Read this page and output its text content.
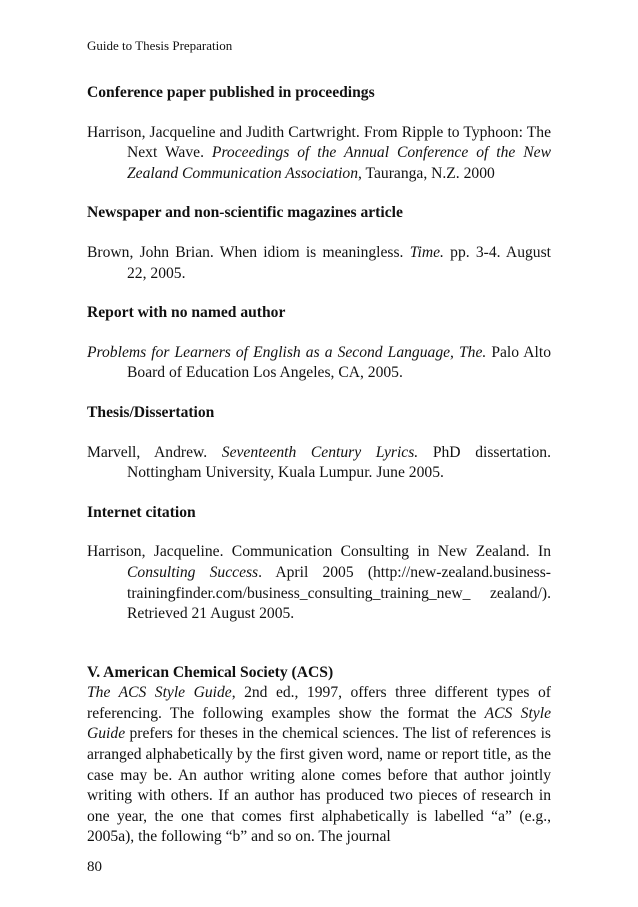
Guide to Thesis Preparation
Conference paper published in proceedings

Harrison, Jacqueline and Judith Cartwright. From Ripple to Typhoon: The Next Wave. Proceedings of the Annual Conference of the New Zealand Communication Association, Tauranga, N.Z. 2000

Newspaper and non-scientific magazines article

Brown, John Brian. When idiom is meaningless. Time. pp. 3-4. August 22, 2005.

Report with no named author

Problems for Learners of English as a Second Language, The. Palo Alto Board of Education Los Angeles, CA, 2005.

Thesis/Dissertation

Marvell, Andrew. Seventeenth Century Lyrics. PhD dissertation. Nottingham University, Kuala Lumpur. June 2005.

Internet citation

Harrison, Jacqueline. Communication Consulting in New Zealand. In Consulting Success. April 2005 (http://new-zealand.business-trainingfinder.com/business_consulting_training_new_ zealand/). Retrieved 21 August 2005.

V. American Chemical Society (ACS)

The ACS Style Guide, 2nd ed., 1997, offers three different types of referencing. The following examples show the format the ACS Style Guide prefers for theses in the chemical sciences. The list of references is arranged alphabetically by the first given word, name or report title, as the case may be. An author writing alone comes before that author jointly writing with others. If an author has produced two pieces of research in one year, the one that comes first alphabetically is labelled “a” (e.g., 2005a), the following “b” and so on. The journal

80
